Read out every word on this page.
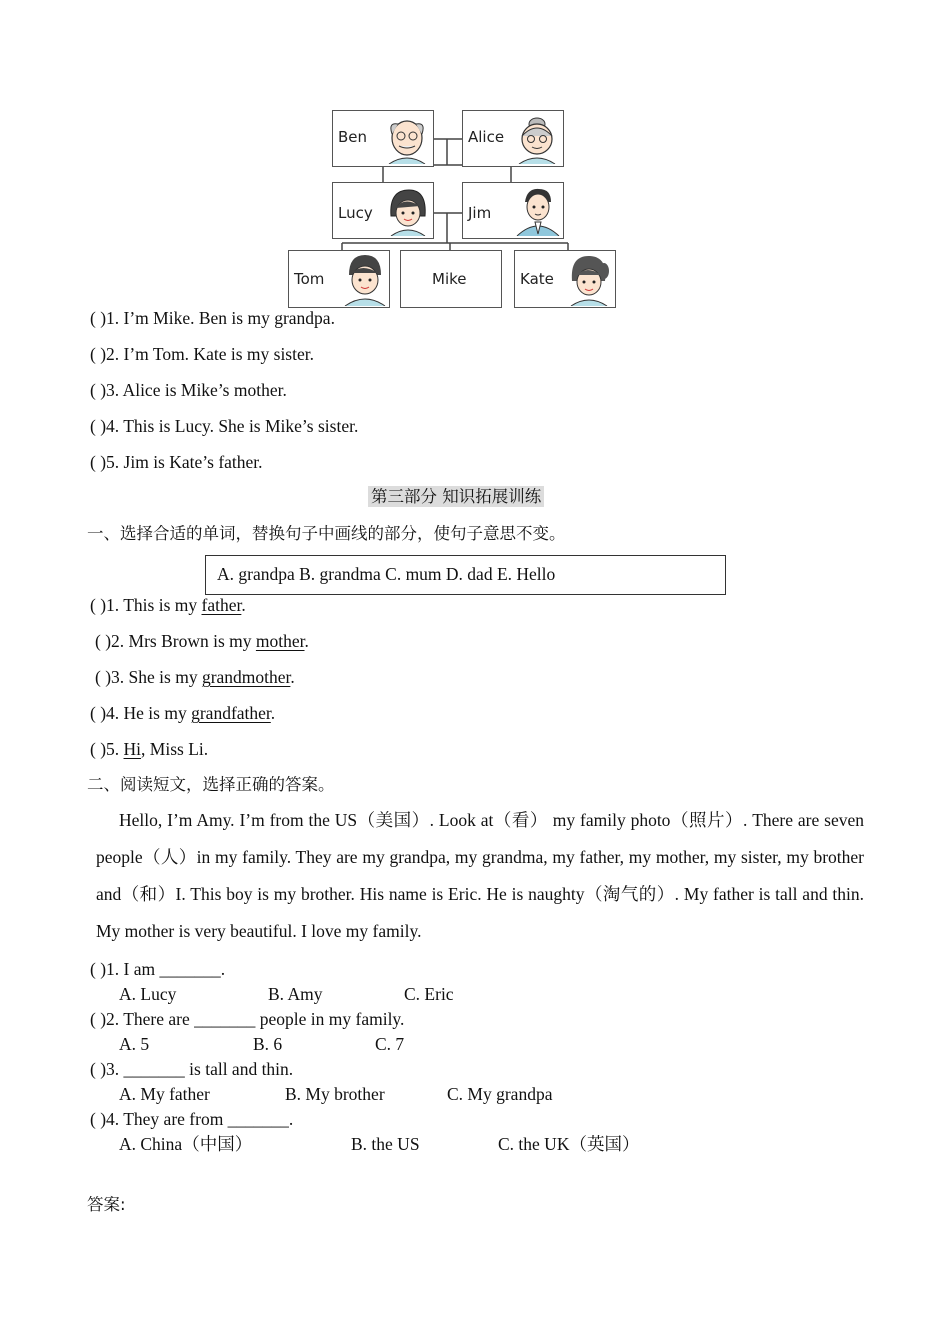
Ben	Alice
Lucy	Jim
Tom	Mike	Kate
( )1. I’m Mike. Ben is my grandpa.
( )2. I’m Tom. Kate is my sister.
( )3. Alice is Mike’s mother.
( )4. This is Lucy. She is Mike’s sister.
( )5. Jim is Kate’s father.
第三部分 知识拓展训练
一、选择合适的单词，替换句子中画线的部分，使句子意思不变。
A. grandpa B. grandma C. mum D. dad E. Hello
( )1. This is my father.
( )2. Mrs Brown is my mother.
( )3. She is my grandmother.
( )4. He is my grandfather.
( )5. Hi, Miss Li.
二、阅读短文，选择正确的答案。
Hello, I’m Amy. I’m from the US（美国）. Look at（看） my family photo（照片）. There are seven people（人）in my family. They are my grandpa, my grandma, my father, my mother, my sister, my brother and（和）I. This boy is my brother. His name is Eric. He is naughty（淘气的）. My father is tall and thin. My mother is very beautiful. I love my family.
( )1. I am _______.
A. Lucy	B. Amy	C. Eric
( )2. There are _______ people in my family.
A. 5	B. 6	C. 7
( )3. _______ is tall and thin.
A. My father	B. My brother	C. My grandpa
( )4. They are from _______.
A. China（中国）	B. the US	C. the UK（英国）
答案:
